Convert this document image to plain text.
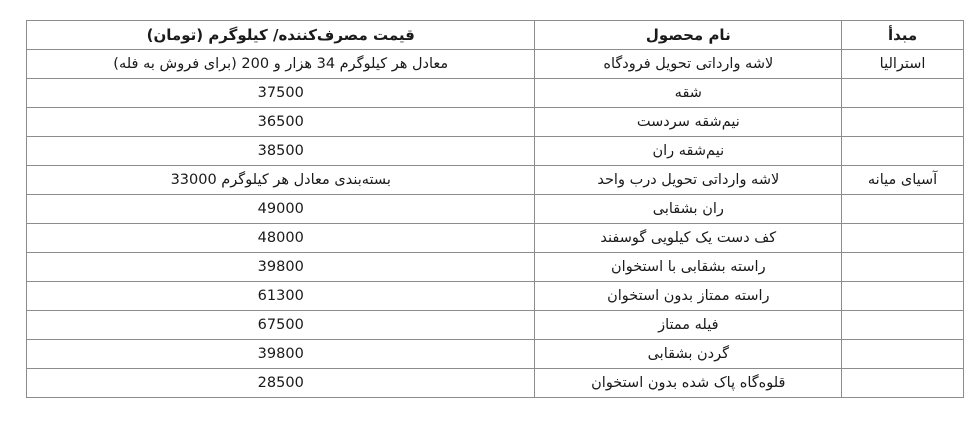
مبدأ	نام محصول	قیمت مصرف‌کننده/ کیلوگرم (تومان)
استرالیا	لاشه وارداتی تحویل فرودگاه	معادل هر کیلوگرم 34 هزار و 200 (برای فروش به فله)
	شقه	37500
	نیم‌شقه سردست	36500
	نیم‌شقه ران	38500
آسیای میانه	لاشه وارداتی تحویل درب واحد	بسته‌بندی معادل هر کیلوگرم 33000
	ران بشقابی	49000
	کف دست یک کیلویی گوسفند	48000
	راسته بشقابی با استخوان	39800
	راسته ممتاز بدون استخوان	61300
	فیله ممتاز	67500
	گردن بشقابی	39800
	قلوه‌گاه پاک شده بدون استخوان	28500
